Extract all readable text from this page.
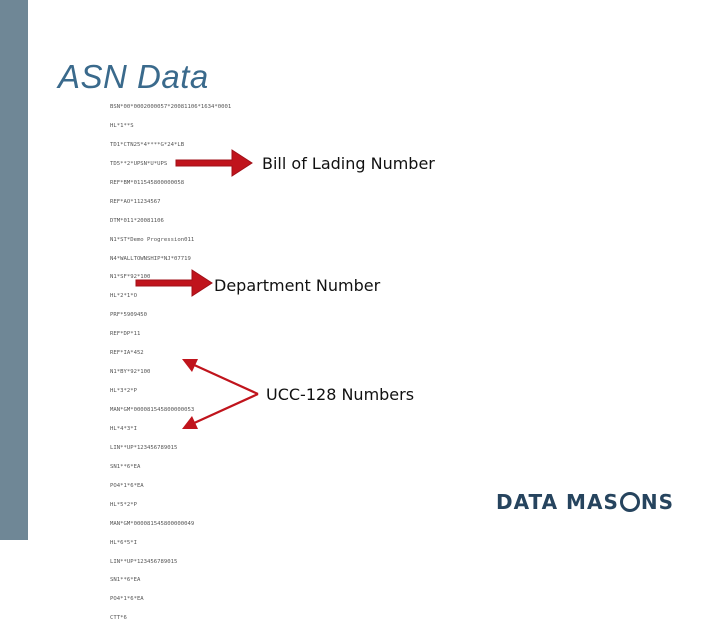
ASN Data
BSN*00*0002000057*20081106*1634*0001
HL*1**S
TD1*CTN25*4****G*24*LB
TD5**2*UPSN*U*UPS
REF*BM*011545800000058
REF*AO*11234567
DTM*011*20081106
N1*ST*Demo Progression011
N4*WALLTOWNSHIP*NJ*07719
N1*SF*92*100
HL*2*1*O
PRF*5909450
REF*DP*11
REF*IA*452
N1*BY*92*100
HL*3*2*P
MAN*GM*000081545800000053
HL*4*3*I
LIN**UP*123456789015
SN1**6*EA
PO4*1*6*EA
HL*5*2*P
MAN*GM*000081545800000049
HL*6*5*I
LIN**UP*123456789015
SN1**6*EA
PO4*1*6*EA
CTT*6
Bill of Lading Number
Department Number
UCC-128 Numbers
DATA MAS NS
